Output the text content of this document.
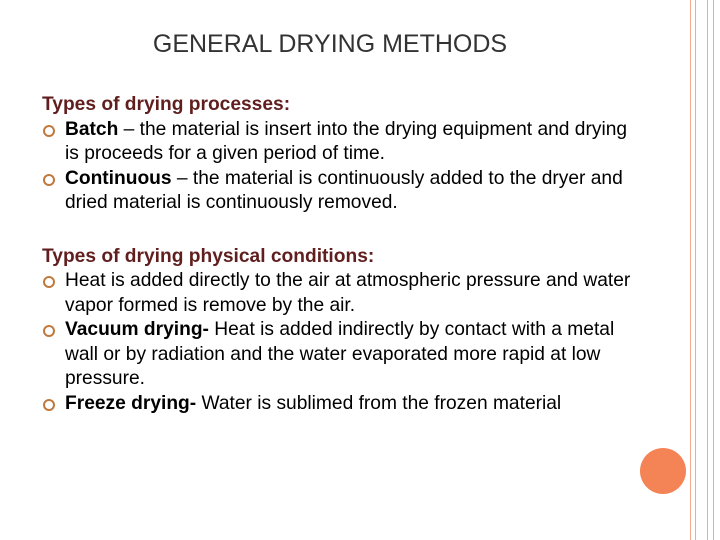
GENERAL DRYING METHODS
Types of drying processes:
Batch – the material is insert into the drying equipment and drying is proceeds for a given period of time.
Continuous – the material is continuously added to the dryer and dried material is continuously removed.
Types of drying physical conditions:
Heat is added directly to the air at atmospheric pressure and water vapor formed is remove by the air.
Vacuum drying- Heat is added indirectly by contact with a metal wall or by radiation and the water evaporated more rapid at low pressure.
Freeze drying- Water is sublimed from the frozen material
